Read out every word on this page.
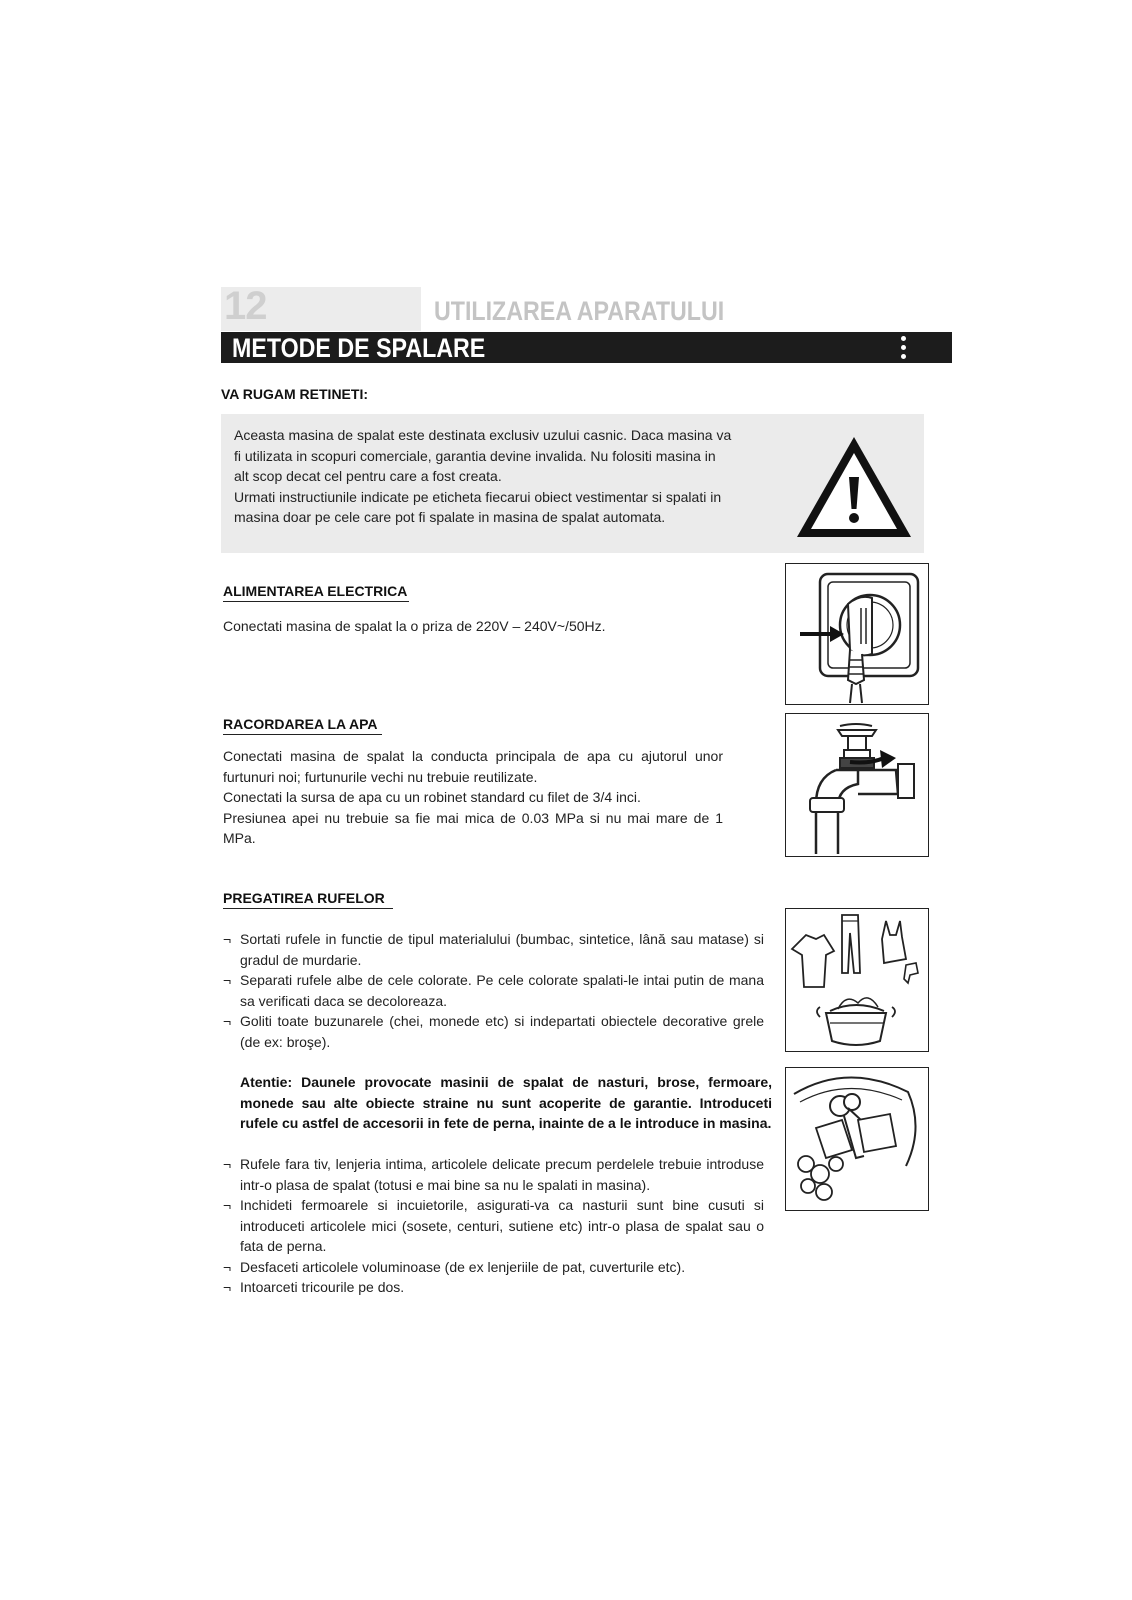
12	UTILIZAREA APARATULUI
METODE DE SPALARE
VA RUGAM RETINETI:

Aceasta masina de spalat este destinata exclusiv uzului casnic. Daca masina va fi utilizata in scopuri comerciale, garantia devine invalida. Nu folositi masina in alt scop decat cel pentru care a fost creata.

Urmati instructiunile indicate pe eticheta fiecarui obiect vestimentar si spalati in masina doar pe cele care pot fi spalate in masina de spalat automata.

ALIMENTAREA ELECTRICA
Conectati masina de spalat la o priza de 220V – 240V~/50Hz.
RACORDAREA LA APA

Conectati masina de spalat la conducta principala de apa cu ajutorul unor furtunuri noi; furtunurile vechi nu trebuie reutilizate.

Conectati la sursa de apa cu un robinet standard cu filet de 3/4 inci.

Presiunea apei nu trebuie sa fie mai mica de 0.03 MPa si nu mai mare de 1 MPa.

PREGATIREA RUFELOR
¬ Sortati rufele in functie de tipul materialului (bumbac, sintetice, lână sau matase) si gradul de murdarie.
¬ Separati rufele albe de cele colorate. Pe cele colorate spalati-le intai putin de mana sa verificati daca se decoloreaza.
¬ Goliti toate buzunarele (chei, monede etc) si indepartati obiectele decorative grele (de ex: broşe).
Atentie: Daunele provocate masinii de spalat de nasturi, brose, fermoare, monede sau alte obiecte straine nu sunt acoperite de garantie. Introduceti rufele cu astfel de accesorii in fete de perna, inainte de a le introduce in masina.
¬ Rufele fara tiv, lenjeria intima, articolele delicate precum perdelele trebuie introduse intr-o plasa de spalat (totusi e mai bine sa nu le spalati in masina).
¬ Inchideti fermoarele si incuietorile, asigurati-va ca nasturii sunt bine cusuti si introduceti articolele mici (sosete, centuri, sutiene etc) intr-o plasa de spalat sau o fata de perna.
¬ Desfaceti articolele voluminoase (de ex lenjeriile de pat, cuverturile etc).
¬ Intoarceti tricourile pe dos.
